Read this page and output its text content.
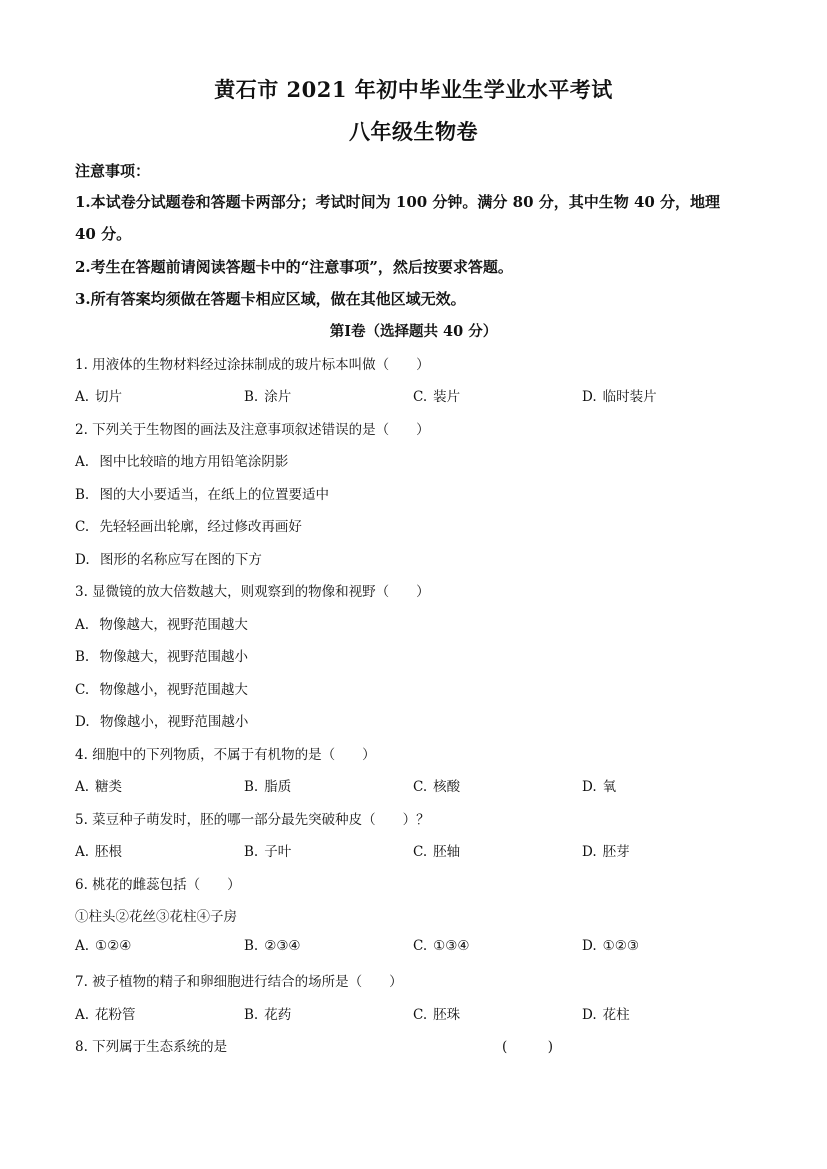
黄石市 2021 年初中毕业生学业水平考试
八年级生物卷
注意事项：
1.本试卷分试题卷和答题卡两部分；考试时间为 100 分钟。满分 80 分，其中生物 40 分，地理
40 分。
2.考生在答题前请阅读答题卡中的“注意事项”，然后按要求答题。
3.所有答案均须做在答题卡相应区域，做在其他区域无效。
第Ⅰ卷（选择题共 40 分）
1. 用液体的生物材料经过涂抹制成的玻片标本叫做（　　）
A. 切片	B. 涂片	C. 装片	D. 临时装片
2. 下列关于生物图的画法及注意事项叙述错误的是（　　）
A. 图中比较暗的地方用铅笔涂阴影
B. 图的大小要适当，在纸上的位置要适中
C. 先轻轻画出轮廓，经过修改再画好
D. 图形的名称应写在图的下方
3. 显微镜的放大倍数越大，则观察到的物像和视野（　　）
A. 物像越大，视野范围越大
B. 物像越大，视野范围越小
C. 物像越小，视野范围越大
D. 物像越小，视野范围越小
4. 细胞中的下列物质，不属于有机物的是（　　）
A. 糖类	B. 脂质	C. 核酸	D. 氧
5. 菜豆种子萌发时，胚的哪一部分最先突破种皮（　　）？
A. 胚根	B. 子叶	C. 胚轴	D. 胚芽
6. 桃花的雌蕊包括（　　）
①柱头②花丝③花柱④子房
A. ①②④	B. ②③④	C. ①③④	D. ①②③
7. 被子植物的精子和卵细胞进行结合的场所是（　　）
A. 花粉管	B. 花药	C. 胚珠	D. 花柱
8. 下列属于生态系统的是	(　　　)
